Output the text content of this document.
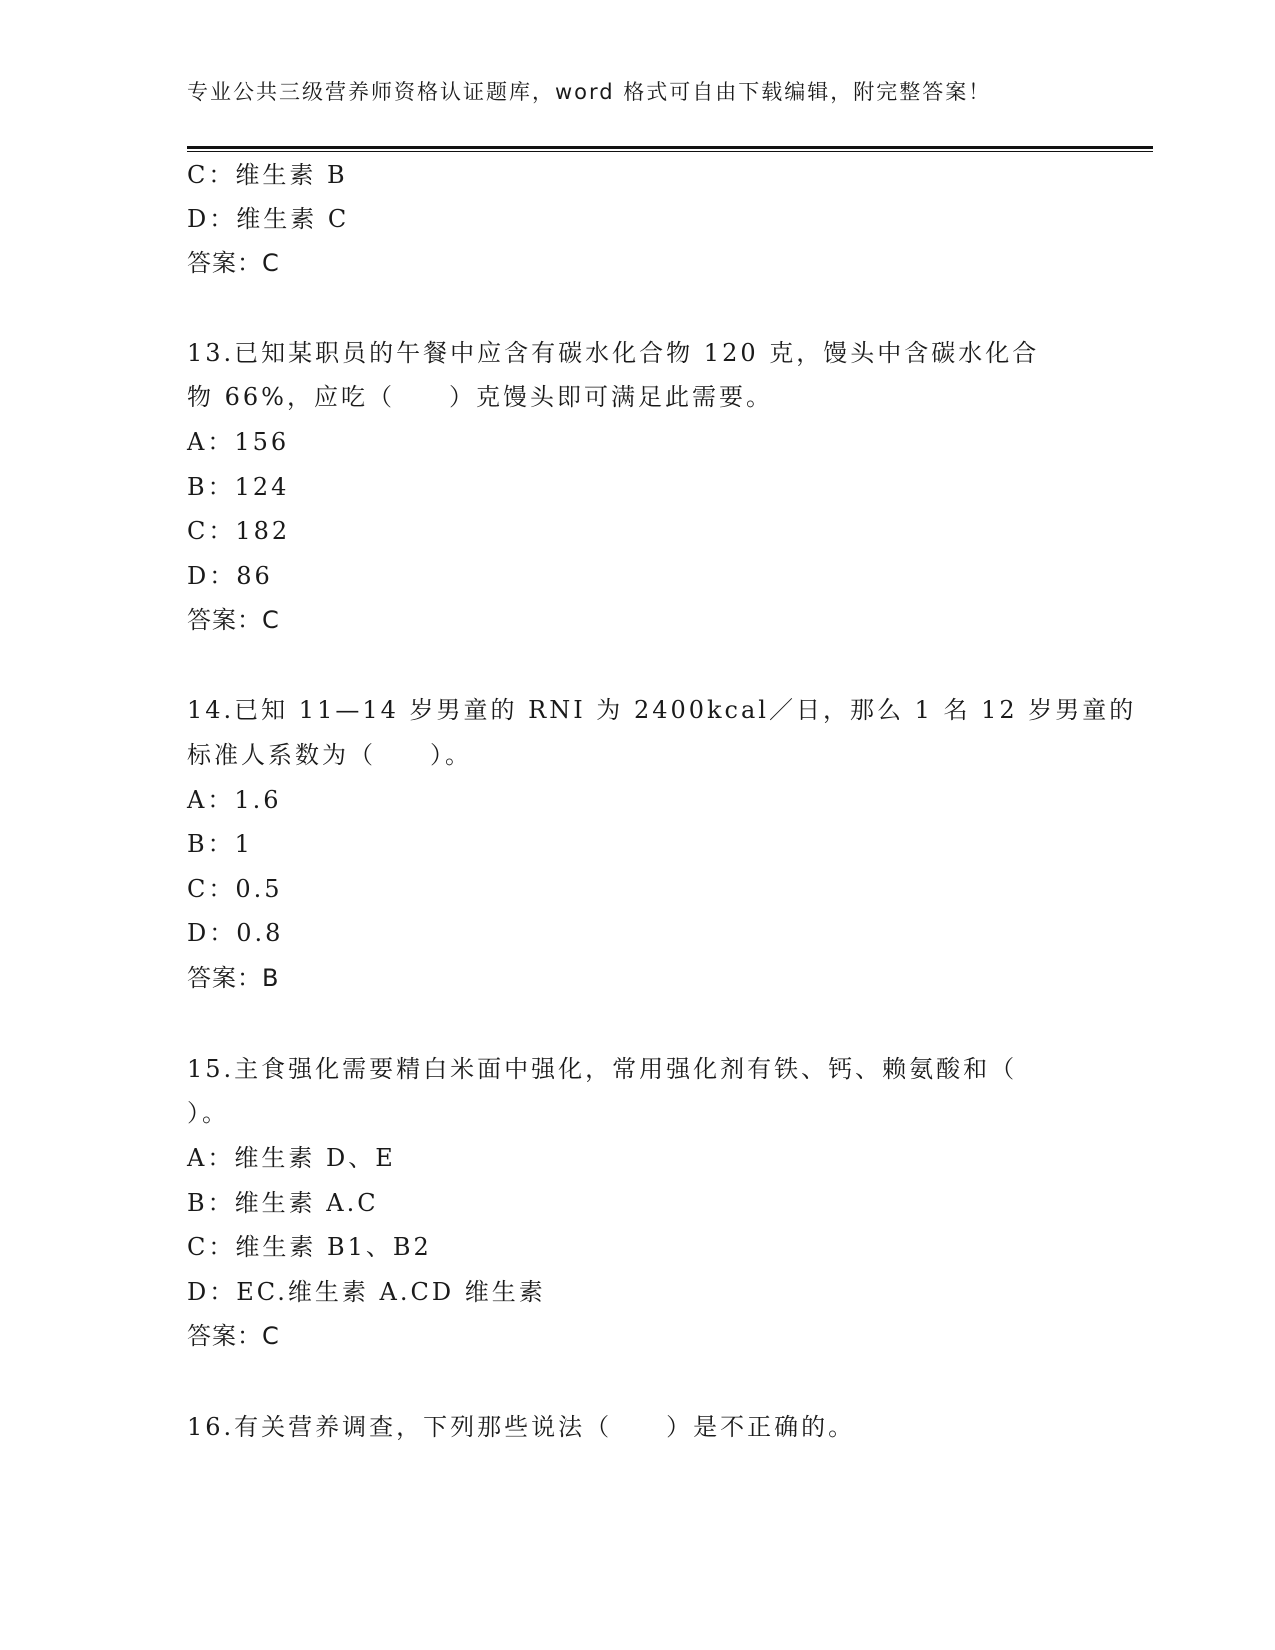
专业公共三级营养师资格认证题库，word 格式可自由下载编辑，附完整答案！
C：维生素 B
D：维生素 C
答案：C
13.已知某职员的午餐中应含有碳水化合物 120 克，馒头中含碳水化合
物 66%，应吃（　　）克馒头即可满足此需要。
A：156
B：124
C：182
D：86
答案：C
14.已知 11—14 岁男童的 RNI 为 2400kcal／日，那么 1 名 12 岁男童的
标准人系数为（　　）。
A：1.6
B：1
C：0.5
D：0.8
答案：B
15.主食强化需要精白米面中强化，常用强化剂有铁、钙、赖氨酸和（
）。
A：维生素 D、E
B：维生素 A.C
C：维生素 B1、B2
D：EC.维生素 A.CD 维生素
答案：C
16.有关营养调查，下列那些说法（　　）是不正确的。
